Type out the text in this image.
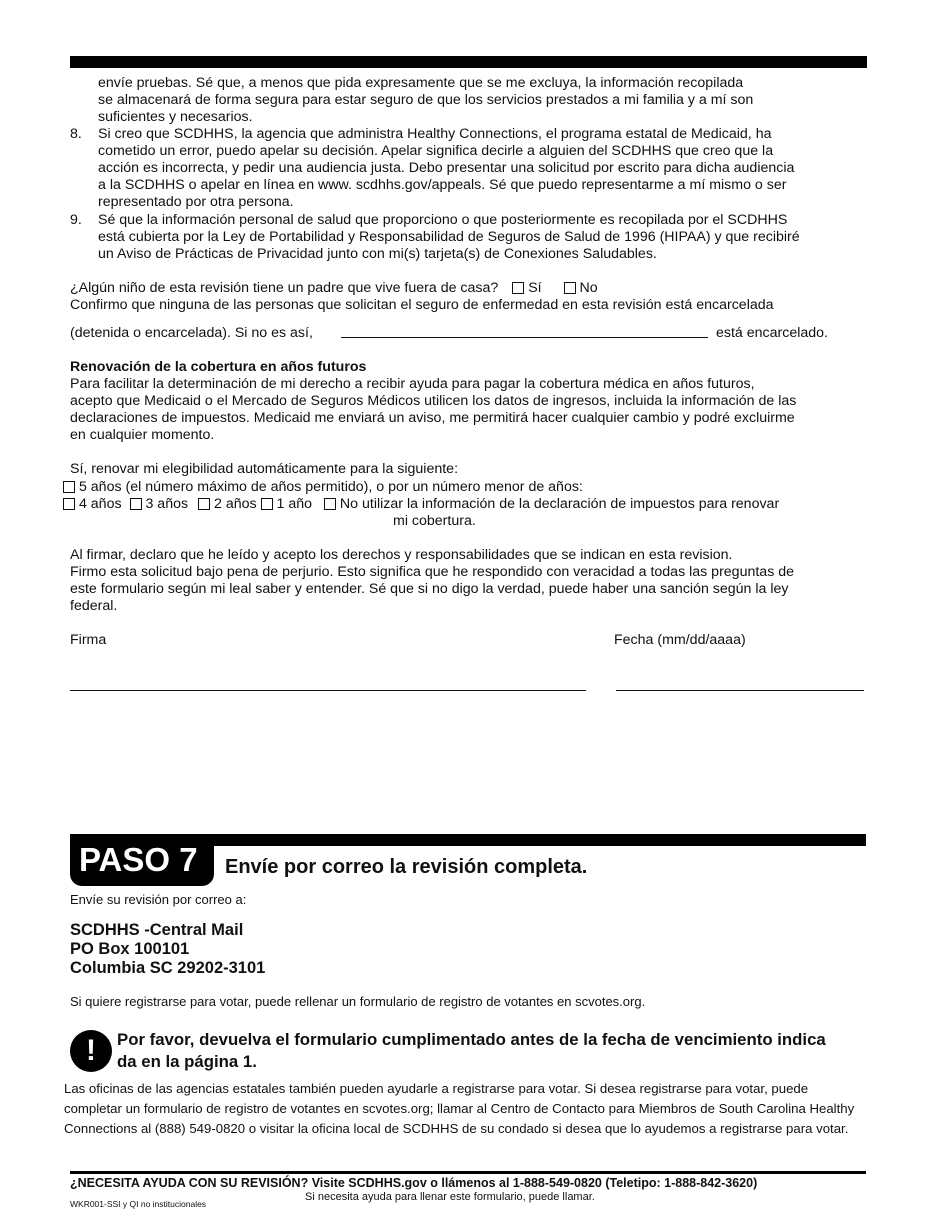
envíe pruebas. Sé que, a menos que pida expresamente que se me excluya, la información recopilada
se almacenará de forma segura para estar seguro de que los servicios prestados a mi familia y a mí son
suficientes y necesarios.
8. Si creo que SCDHHS, la agencia que administra Healthy Connections, el programa estatal de Medicaid, ha
cometido un error, puedo apelar su decisión. Apelar significa decirle a alguien del SCDHHS que creo que la
acción es incorrecta, y pedir una audiencia justa. Debo presentar una solicitud por escrito para dicha audiencia
a la SCDHHS o apelar en línea en www. scdhhs.gov/appeals. Sé que puedo representarme a mí mismo o ser
representado por otra persona.
9. Sé que la información personal de salud que proporciono o que posteriormente es recopilada por el SCDHHS
está cubierta por la Ley de Portabilidad y Responsabilidad de Seguros de Salud de 1996 (HIPAA) y que recibiré
un Aviso de Prácticas de Privacidad junto con mi(s) tarjeta(s) de Conexiones Saludables.
¿Algún niño de esta revisión tiene un padre que vive fuera de casa? Sí	No
Confirmo que ninguna de las personas que solicitan el seguro de enfermedad en esta revisión está encarcelada
(detenida o encarcelada). Si no es así,	está encarcelado.
Renovación de la cobertura en años futuros
Para facilitar la determinación de mi derecho a recibir ayuda para pagar la cobertura médica en años futuros,
acepto que Medicaid o el Mercado de Seguros Médicos utilicen los datos de ingresos, incluida la información de las
declaraciones de impuestos. Medicaid me enviará un aviso, me permitirá hacer cualquier cambio y podré excluirme
en cualquier momento.
Sí, renovar mi elegibilidad automáticamente para la siguiente:
5 años (el número máximo de años permitido), o por un número menor de años:
4 años 3 años 2 años 1 año No utilizar la información de la declaración de impuestos para renovar
mi cobertura.
Al firmar, declaro que he leído y acepto los derechos y responsabilidades que se indican en esta revision.
Firmo esta solicitud bajo pena de perjurio. Esto significa que he respondido con veracidad a todas las preguntas de
este formulario según mi leal saber y entender. Sé que si no digo la verdad, puede haber una sanción según la ley
federal.
Firma	Fecha (mm/dd/aaaa)
PASO 7	Envíe por correo la revisión completa.
Envíe su revisión por correo a:
SCDHHS -Central Mail
PO Box 100101
Columbia SC 29202-3101
Si quiere registrarse para votar, puede rellenar un formulario de registro de votantes en scvotes.org.
!	Por favor, devuelva el formulario cumplimentado antes de la fecha de vencimiento indica
da en la página 1.
Las oficinas de las agencias estatales también pueden ayudarle a registrarse para votar. Si desea registrarse para votar, puede
completar un formulario de registro de votantes en scvotes.org; llamar al Centro de Contacto para Miembros de South Carolina Healthy
Connections al (888) 549-0820 o visitar la oficina local de SCDHHS de su condado si desea que lo ayudemos a registrarse para votar.
¿NECESITA AYUDA CON SU REVISIÓN? Visite SCDHHS.gov o llámenos al 1-888-549-0820 (Teletipo: 1-888-842-3620)
Si necesita ayuda para llenar este formulario, puede llamar.
WKR001-SSI y QI no institucionales
